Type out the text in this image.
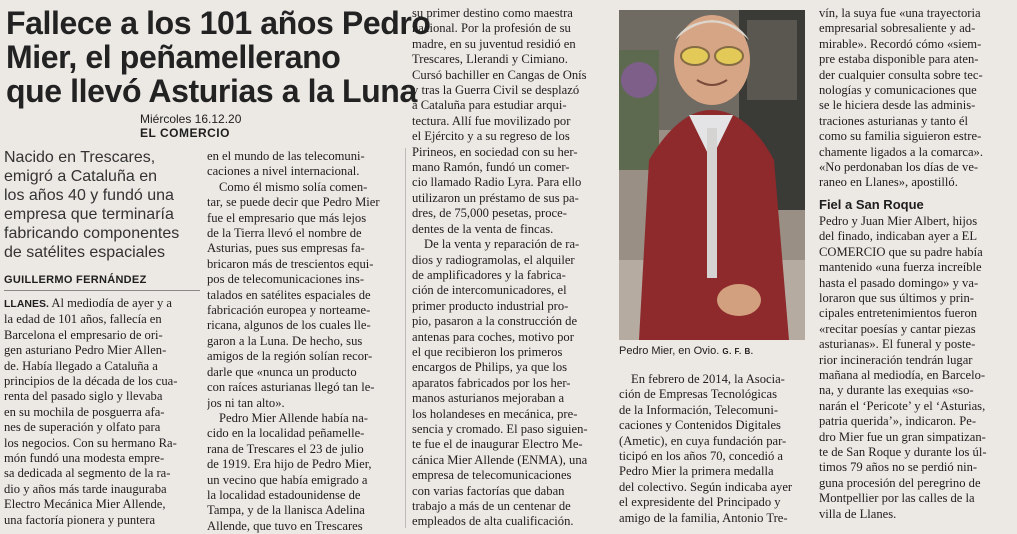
Fallece a los 101 años Pedro
Mier, el peñamellerano
que llevó Asturias a la Luna
Miércoles 16.12.20
EL COMERCIO
Nacido en Trescares,
emigró a Cataluña en
los años 40 y fundó una
empresa que terminaría
fabricando componentes
de satélites espaciales
GUILLERMO FERNÁNDEZ
LLANES. Al mediodía de ayer y a
la edad de 101 años, fallecía en
Barcelona el empresario de ori-
gen asturiano Pedro Mier Allen-
de. Había llegado a Cataluña a
principios de la década de los cua-
renta del pasado siglo y llevaba
en su mochila de posguerra afa-
nes de superación y olfato para
los negocios. Con su hermano Ra-
món fundó una modesta empre-
sa dedicada al segmento de la ra-
dio y años más tarde inauguraba
Electro Mecánica Mier Allende,
una factoría pionera y puntera
en el mundo de las telecomuni-
caciones a nivel internacional.
Como él mismo solía comen-
tar, se puede decir que Pedro Mier
fue el empresario que más lejos
de la Tierra llevó el nombre de
Asturias, pues sus empresas fa-
bricaron más de trescientos equi-
pos de telecomunicaciones ins-
talados en satélites espaciales de
fabricación europea y norteame-
ricana, algunos de los cuales lle-
garon a la Luna. De hecho, sus
amigos de la región solían recor-
darle que «nunca un producto
con raíces asturianas llegó tan le-
jos ni tan alto».
Pedro Mier Allende había na-
cido en la localidad peñamelle-
rana de Trescares el 23 de julio
de 1919. Era hijo de Pedro Mier,
un vecino que había emigrado a
la localidad estadounidense de
Tampa, y de la llanisca Adelina
Allende, que tuvo en Trescares
su primer destino como maestra
nacional. Por la profesión de su
madre, en su juventud residió en
Trescares, Llerandi y Cimiano.
Cursó bachiller en Cangas de Onís
y tras la Guerra Civil se desplazó
a Cataluña para estudiar arqui-
tectura. Allí fue movilizado por
el Ejército y a su regreso de los
Pirineos, en sociedad con su her-
mano Ramón, fundó un comer-
cio llamado Radio Lyra. Para ello
utilizaron un préstamo de sus pa-
dres, de 75,000 pesetas, proce-
dentes de la venta de fincas.
De la venta y reparación de ra-
dios y radiogramolas, el alquiler
de amplificadores y la fabrica-
ción de intercomunicadores, el
primer producto industrial pro-
pio, pasaron a la construcción de
antenas para coches, motivo por
el que recibieron los primeros
encargos de Philips, ya que los
aparatos fabricados por los her-
manos asturianos mejoraban a
los holandeses en mecánica, pre-
sencia y cromado. El paso siguien-
te fue el de inaugurar Electro Me-
cánica Mier Allende (ENMA), una
empresa de telecomunicaciones
con varias factorías que daban
trabajo a más de un centenar de
empleados de alta cualificación.
Pedro Mier, en Ovio. G. F. B.
En febrero de 2014, la Asocia-
ción de Empresas Tecnológicas
de la Información, Telecomuni-
caciones y Contenidos Digitales
(Ametic), en cuya fundación par-
ticipó en los años 70, concedió a
Pedro Mier la primera medalla
del colectivo. Según indicaba ayer
el expresidente del Principado y
amigo de la familia, Antonio Tre-
vín, la suya fue «una trayectoria
empresarial sobresaliente y ad-
mirable». Recordó cómo «siem-
pre estaba disponible para aten-
der cualquier consulta sobre tec-
nologías y comunicaciones que
se le hiciera desde las adminis-
traciones asturianas y tanto él
como su familia siguieron estre-
chamente ligados a la comarca».
«No perdonaban los días de ve-
raneo en Llanes», apostilló.
Fiel a San Roque
Pedro y Juan Mier Albert, hijos
del finado, indicaban ayer a EL
COMERCIO que su padre había
mantenido «una fuerza increíble
hasta el pasado domingo» y va-
loraron que sus últimos y prin-
cipales entretenimientos fueron
«recitar poesías y cantar piezas
asturianas». El funeral y poste-
rior incineración tendrán lugar
mañana al mediodía, en Barcelo-
na, y durante las exequias «so-
narán el ‘Pericote’ y el ‘Asturias,
patria querida’», indicaron. Pe-
dro Mier fue un gran simpatizan-
te de San Roque y durante los úl-
timos 79 años no se perdió nin-
guna procesión del peregrino de
Montpellier por las calles de la
villa de Llanes.
